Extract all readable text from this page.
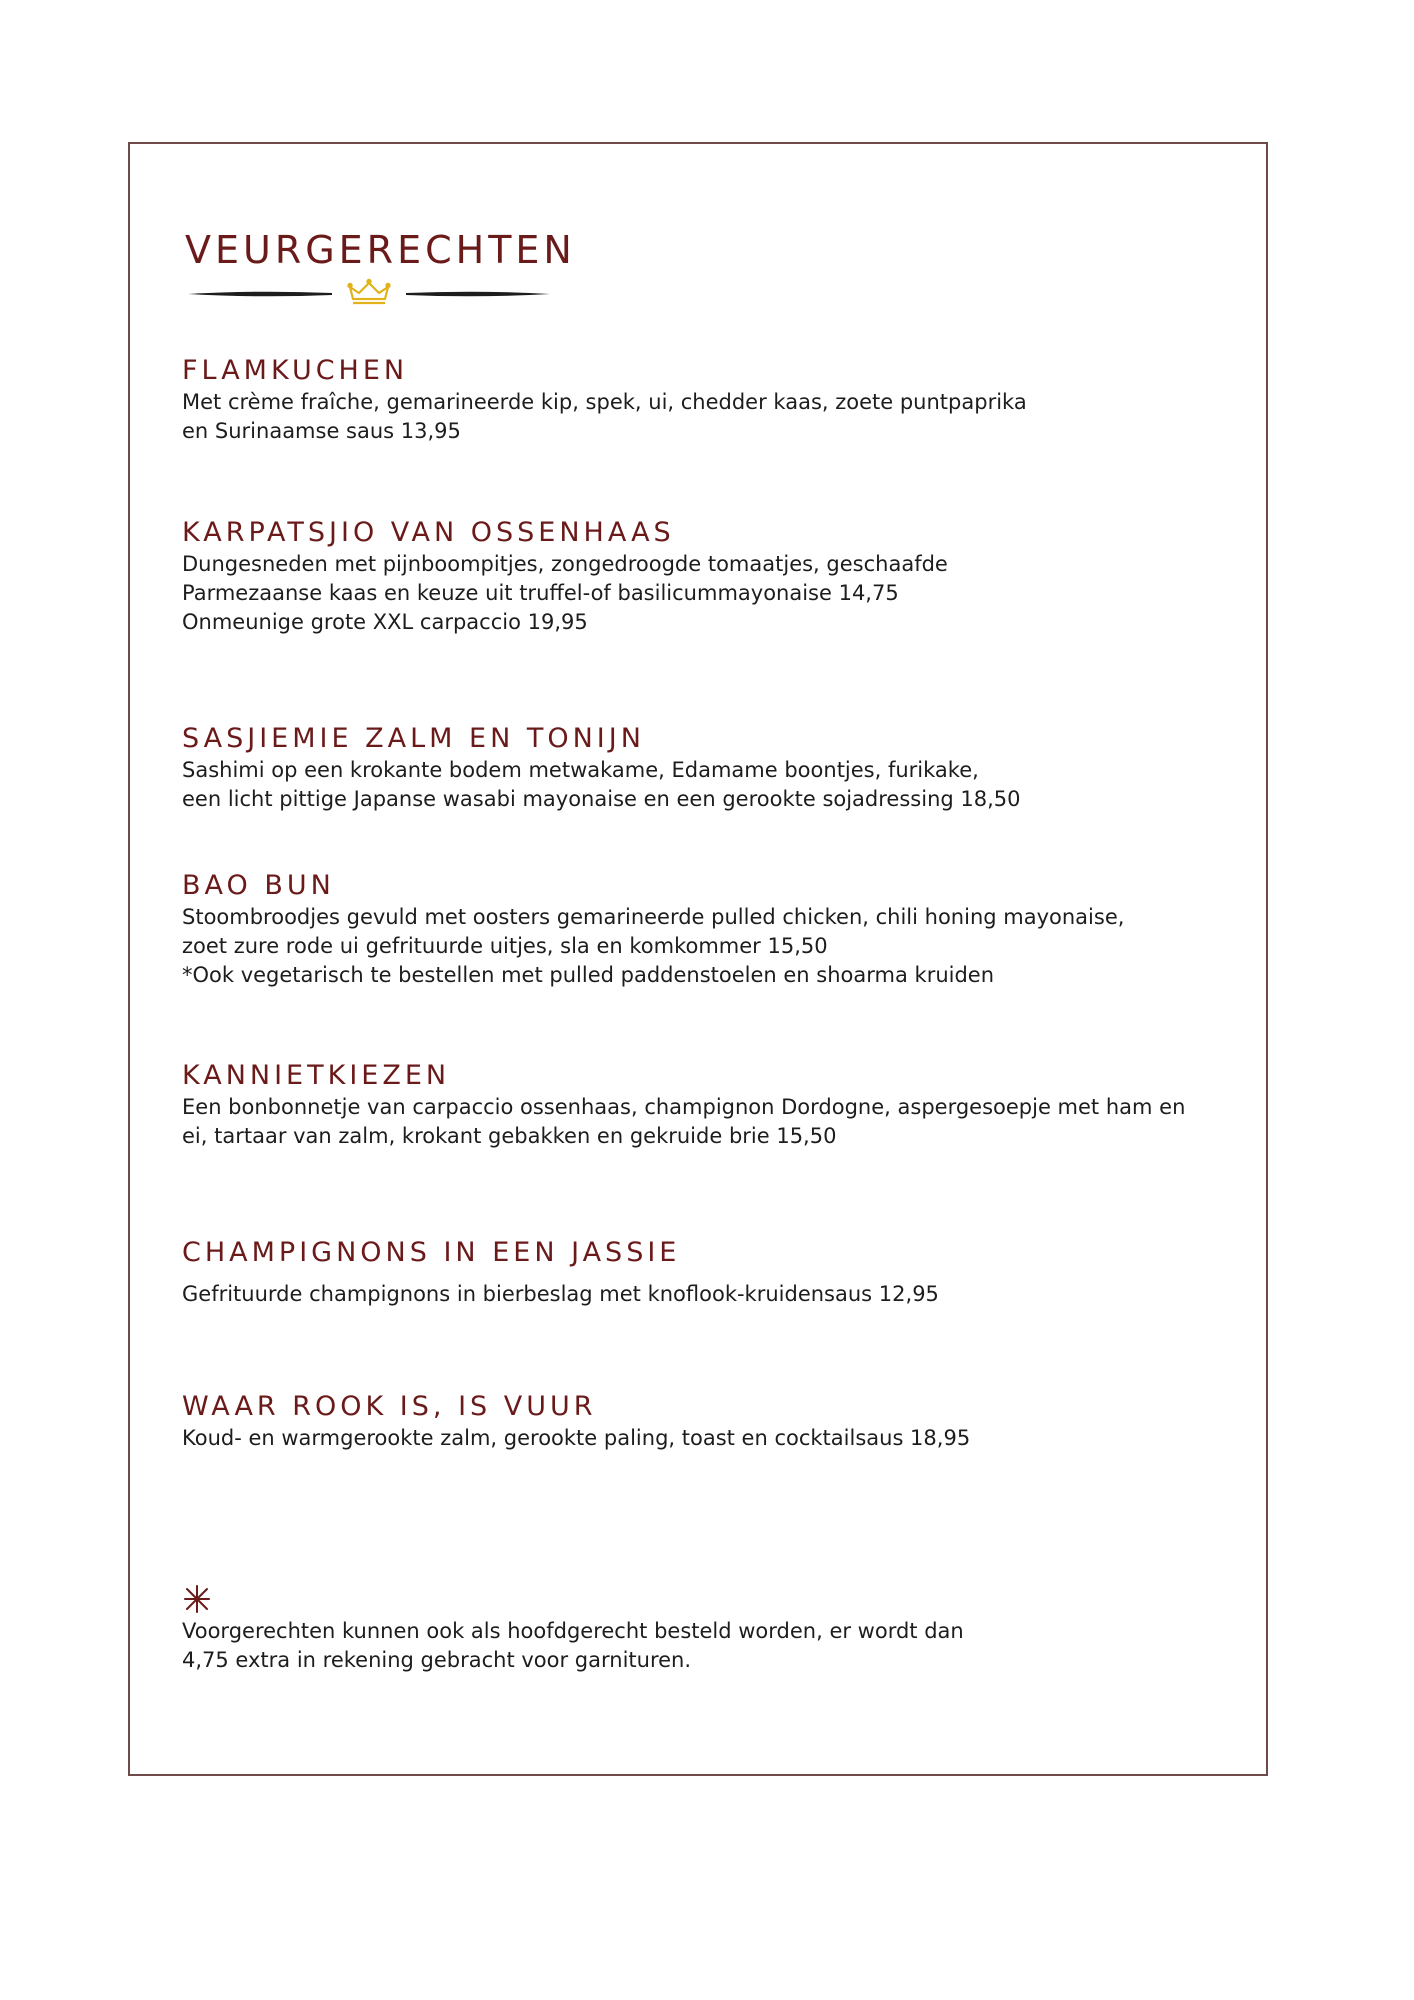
VEURGERECHTEN
FLAMKUCHEN

Met crème fraîche, gemarineerde kip, spek, ui, chedder kaas, zoete puntpaprika
en Surinaamse saus 13,95

KARPATSJIO VAN OSSENHAAS

Dungesneden met pijnboompitjes, zongedroogde tomaatjes, geschaafde
Parmezaanse kaas en keuze uit truffel-of basilicummayonaise 14,75
Onmeunige grote XXL carpaccio 19,95

SASJIEMIE ZALM EN TONIJN

Sashimi op een krokante bodem metwakame, Edamame boontjes, furikake,
een licht pittige Japanse wasabi mayonaise en een gerookte sojadressing 18,50

BAO BUN

Stoombroodjes gevuld met oosters gemarineerde pulled chicken, chili honing mayonaise,
zoet zure rode ui gefrituurde uitjes, sla en komkommer 15,50
*Ook vegetarisch te bestellen met pulled paddenstoelen en shoarma kruiden

KANNIETKIEZEN

Een bonbonnetje van carpaccio ossenhaas, champignon Dordogne, aspergesoepje met ham en
ei, tartaar van zalm, krokant gebakken en gekruide brie 15,50

CHAMPIGNONS IN EEN JASSIE

Gefrituurde champignons in bierbeslag met knoflook-kruidensaus 12,95

WAAR ROOK IS, IS VUUR

Koud- en warmgerookte zalm, gerookte paling, toast en cocktailsaus 18,95

Voorgerechten kunnen ook als hoofdgerecht besteld worden, er wordt dan
4,75 extra in rekening gebracht voor garnituren.
